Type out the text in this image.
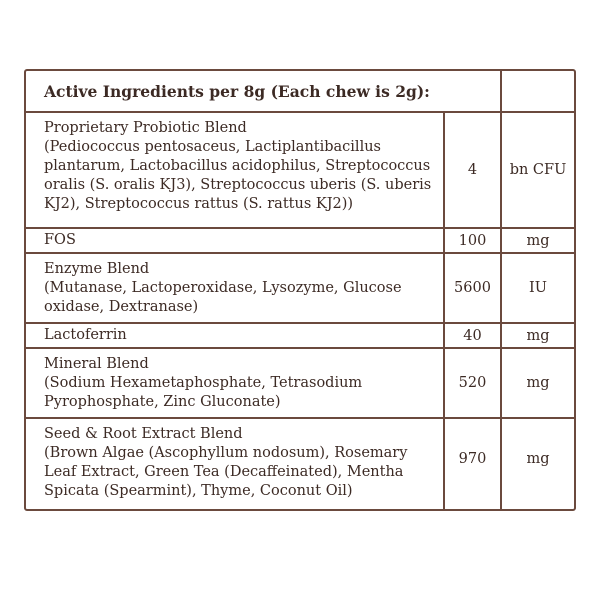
Active Ingredients per 8g (Each chew is 2g):
Proprietary Probiotic Blend
(Pediococcus pentosaceus, Lactiplantibacillus plantarum, Lactobacillus acidophilus, Streptococcus oralis (S. oralis KJ3), Streptococcus uberis (S. uberis KJ2), Streptococcus rattus (S. rattus KJ2))
4	bn CFU
FOS	100	mg
Enzyme Blend
(Mutanase, Lactoperoxidase, Lysozyme, Glucose oxidase, Dextranase)
5600	IU
Lactoferrin	40	mg
Mineral Blend
(Sodium Hexametaphosphate, Tetrasodium Pyrophosphate, Zinc Gluconate)
520	mg
Seed & Root Extract Blend
(Brown Algae (Ascophyllum nodosum), Rosemary Leaf Extract, Green Tea (Decaffeinated), Mentha Spicata (Spearmint), Thyme, Coconut Oil)
970	mg
